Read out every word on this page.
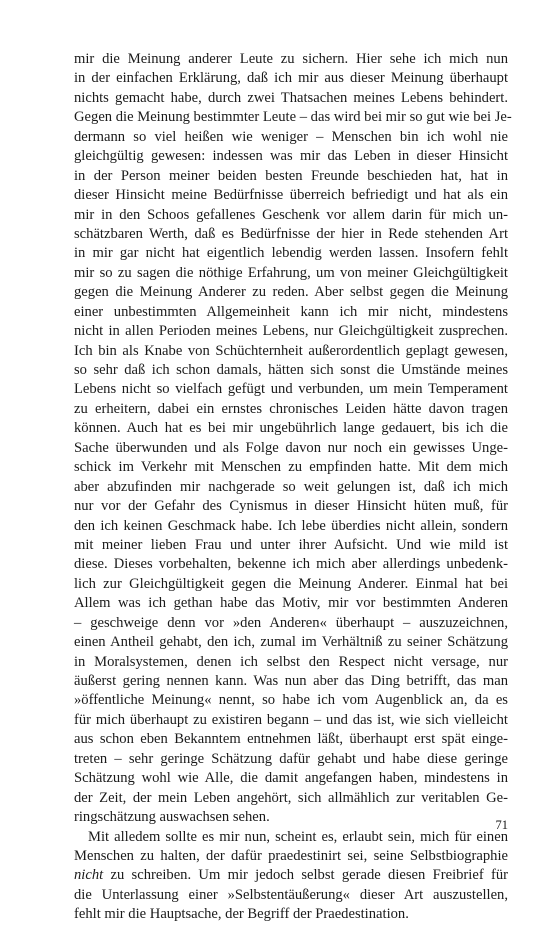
mir die Meinung anderer Leute zu sichern. Hier sehe ich mich nun
in der einfachen Erklärung, daß ich mir aus dieser Meinung überhaupt
nichts gemacht habe, durch zwei Thatsachen meines Lebens behindert.
Gegen die Meinung bestimmter Leute – das wird bei mir so gut wie bei Je-
dermann so viel heißen wie weniger – Menschen bin ich wohl nie
gleichgültig gewesen: indessen was mir das Leben in dieser Hinsicht
in der Person meiner beiden besten Freunde beschieden hat, hat in
dieser Hinsicht meine Bedürfnisse überreich befriedigt und hat als ein
mir in den Schoos gefallenes Geschenk vor allem darin für mich un-
schätzbaren Werth, daß es Bedürfnisse der hier in Rede stehenden Art
in mir gar nicht hat eigentlich lebendig werden lassen. Insofern fehlt
mir so zu sagen die nöthige Erfahrung, um von meiner Gleichgültigkeit
gegen die Meinung Anderer zu reden. Aber selbst gegen die Meinung
einer unbestimmten Allgemeinheit kann ich mir nicht, mindestens
nicht in allen Perioden meines Lebens, nur Gleichgültigkeit zusprechen.
Ich bin als Knabe von Schüchternheit außerordentlich geplagt gewesen,
so sehr daß ich schon damals, hätten sich sonst die Umstände meines
Lebens nicht so vielfach gefügt und verbunden, um mein Temperament
zu erheitern, dabei ein ernstes chronisches Leiden hätte davon tragen
können. Auch hat es bei mir ungebührlich lange gedauert, bis ich die
Sache überwunden und als Folge davon nur noch ein gewisses Unge-
schick im Verkehr mit Menschen zu empfinden hatte. Mit dem mich
aber abzufinden mir nachgerade so weit gelungen ist, daß ich mich
nur vor der Gefahr des Cynismus in dieser Hinsicht hüten muß, für
den ich keinen Geschmack habe. Ich lebe überdies nicht allein, sondern
mit meiner lieben Frau und unter ihrer Aufsicht. Und wie mild ist
diese. Dieses vorbehalten, bekenne ich mich aber allerdings unbedenk-
lich zur Gleichgültigkeit gegen die Meinung Anderer. Einmal hat bei
Allem was ich gethan habe das Motiv, mir vor bestimmten Anderen
– geschweige denn vor »den Anderen« überhaupt – auszuzeichnen,
einen Antheil gehabt, den ich, zumal im Verhältniß zu seiner Schätzung
in Moralsystemen, denen ich selbst den Respect nicht versage, nur
äußerst gering nennen kann. Was nun aber das Ding betrifft, das man
»öffentliche Meinung« nennt, so habe ich vom Augenblick an, da es
für mich überhaupt zu existiren begann – und das ist, wie sich vielleicht
aus schon eben Bekanntem entnehmen läßt, überhaupt erst spät einge-
treten – sehr geringe Schätzung dafür gehabt und habe diese geringe
Schätzung wohl wie Alle, die damit angefangen haben, mindestens in
der Zeit, der mein Leben angehört, sich allmählich zur veritablen Ge-
ringschätzung auswachsen sehen.
Mit alledem sollte es mir nun, scheint es, erlaubt sein, mich für einen
Menschen zu halten, der dafür praedestinirt sei, seine Selbstbiographie
nicht zu schreiben. Um mir jedoch selbst gerade diesen Freibrief für
die Unterlassung einer »Selbstentäußerung« dieser Art auszustellen,
fehlt mir die Hauptsache, der Begriff der Praedestination.
71
